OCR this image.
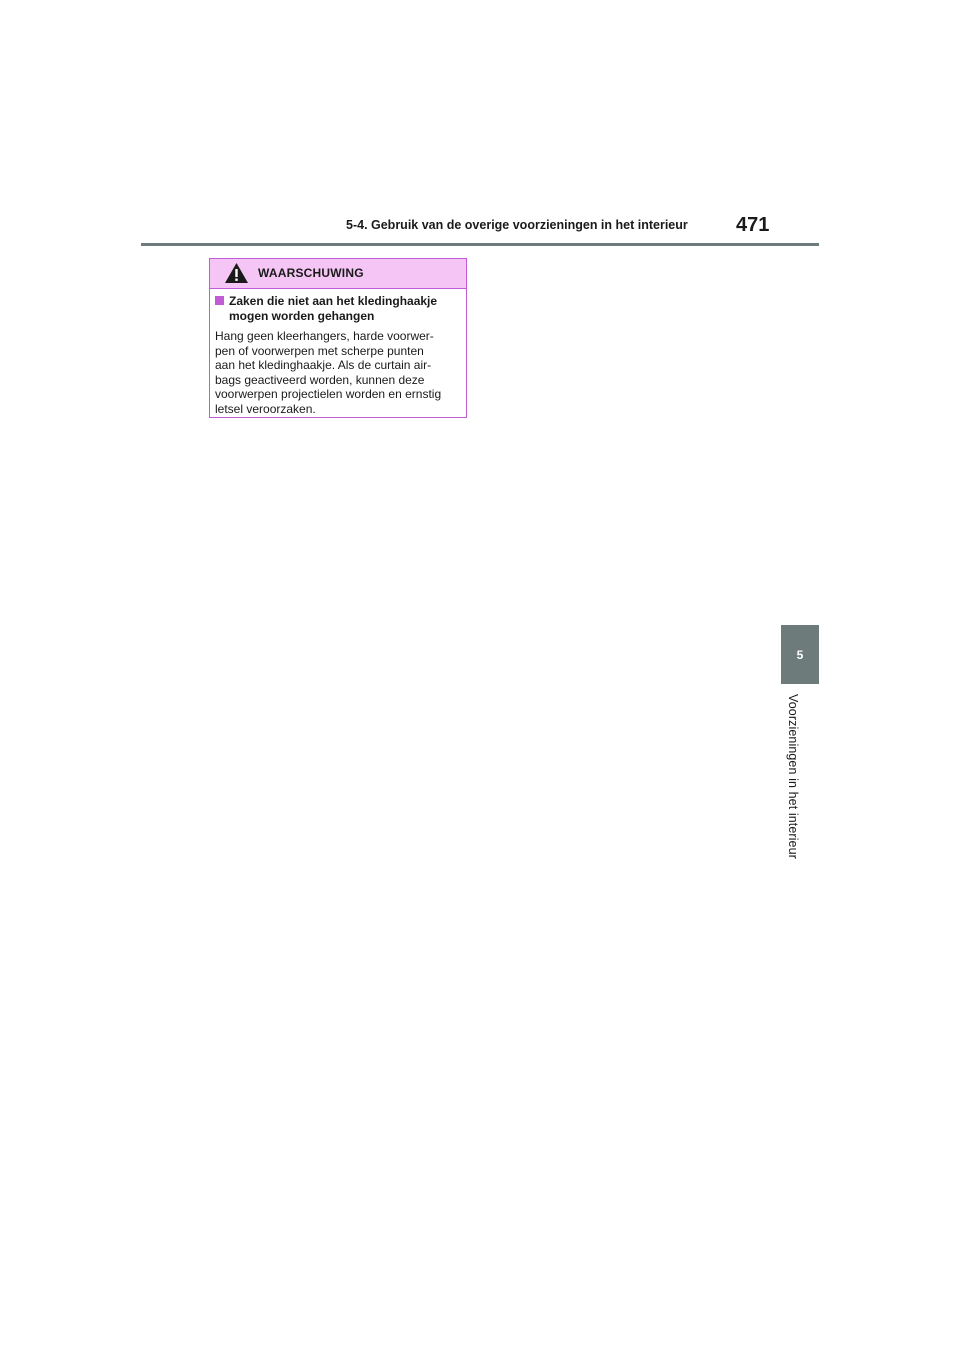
5-4. Gebruik van de overige voorzieningen in het interieur 471
5
Voorzieningen in het interieur
WAARSCHUWING
Zaken die niet aan het kledinghaakje mogen worden gehangen
Hang geen kleerhangers, harde voorwer-
pen of voorwerpen met scherpe punten
aan het kledinghaakje. Als de curtain air-
bags geactiveerd worden, kunnen deze
voorwerpen projectielen worden en ernstig
letsel veroorzaken.
